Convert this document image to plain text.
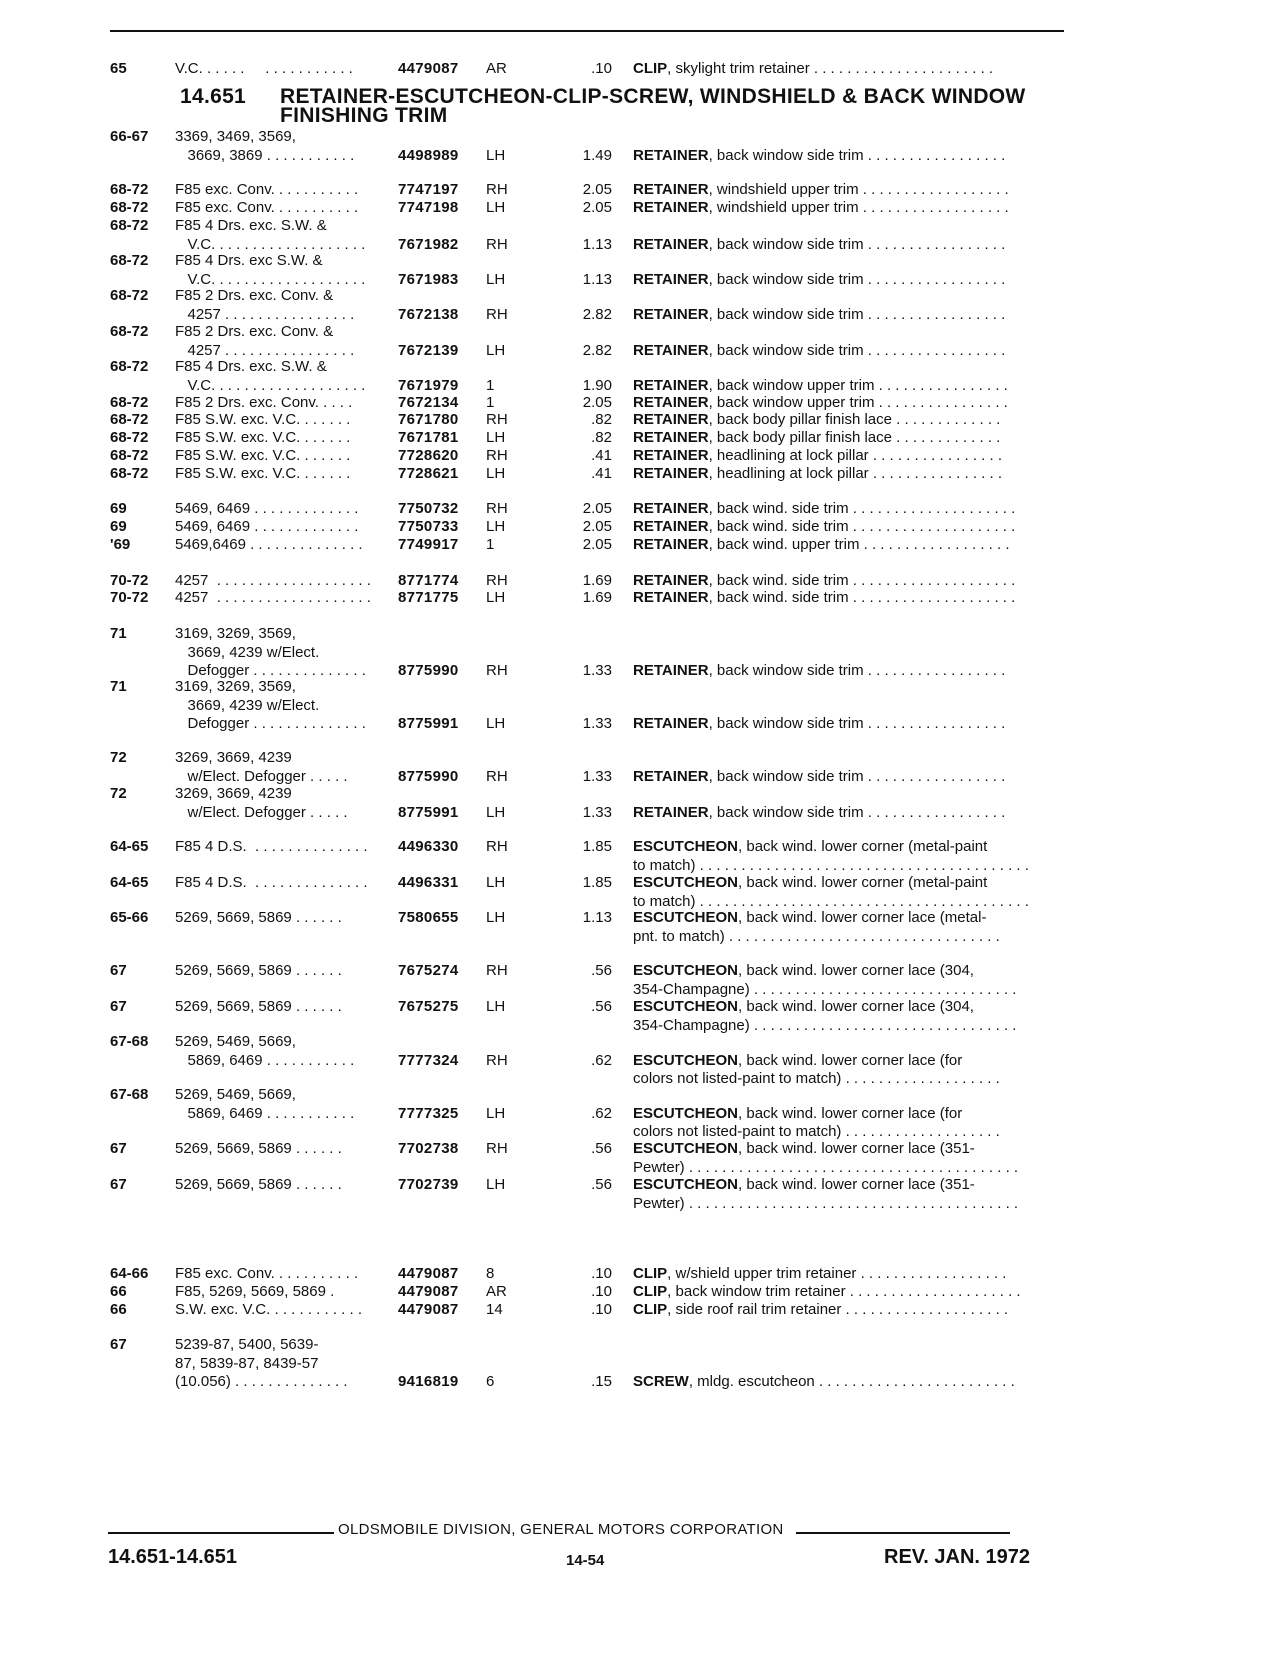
14.651 RETAINER-ESCUTCHEON-CLIP-SCREW, WINDSHIELD & BACK WINDOW
FINISHING TRIM
65	V.C. . . . . .     . . . . . . . . . . .	4479087 AR	.10 CLIP, skylight trim retainer . . . . . . . . . . . . . . . . . . . . . .
66-67 3369, 3469, 3569,
3669, 3869 . . . . . . . . . . .	4498989 LH	1.49 RETAINER, back window side trim . . . . . . . . . . . . . . . . .
68-72 F85 exc. Conv. . . . . . . . . . .	7747197 RH	2.05 RETAINER, windshield upper trim . . . . . . . . . . . . . . . . . .
68-72 F85 exc. Conv. . . . . . . . . . .	7747198 LH	2.05 RETAINER, windshield upper trim . . . . . . . . . . . . . . . . . .
68-72 F85 4 Drs. exc. S.W. &
V.C. . . . . . . . . . . . . . . . . . . 7671982 RH	1.13 RETAINER, back window side trim . . . . . . . . . . . . . . . . .
68-72 F85 4 Drs. exc S.W. &
V.C. . . . . . . . . . . . . . . . . . . 7671983 LH	1.13 RETAINER, back window side trim . . . . . . . . . . . . . . . . .
68-72 F85 2 Drs. exc. Conv. &
4257 . . . . . . . . . . . . . . . .	7672138 RH	2.82 RETAINER, back window side trim . . . . . . . . . . . . . . . . .
68-72 F85 2 Drs. exc. Conv. &
4257 . . . . . . . . . . . . . . . .	7672139 LH	2.82 RETAINER, back window side trim . . . . . . . . . . . . . . . . .
68-72 F85 4 Drs. exc. S.W. &
V.C. . . . . . . . . . . . . . . . . . . 7671979 1	1.90 RETAINER, back window upper trim . . . . . . . . . . . . . . . .
68-72 F85 2 Drs. exc. Conv. . . . .	7672134 1	2.05 RETAINER, back window upper trim . . . . . . . . . . . . . . . .
68-72 F85 S.W. exc. V.C. . . . . . .	7671780 RH	.82 RETAINER, back body pillar finish lace . . . . . . . . . . . . .
68-72 F85 S.W. exc. V.C. . . . . . .	7671781 LH	.82 RETAINER, back body pillar finish lace . . . . . . . . . . . . .
68-72 F85 S.W. exc. V.C. . . . . . .	7728620 RH	.41 RETAINER, headlining at lock pillar . . . . . . . . . . . . . . . .
68-72 F85 S.W. exc. V.C. . . . . . .	7728621 LH	.41 RETAINER, headlining at lock pillar . . . . . . . . . . . . . . . .
69	5469, 6469 . . . . . . . . . . . . .	7750732 RH	2.05 RETAINER, back wind. side trim . . . . . . . . . . . . . . . . . . . .
69	5469, 6469 . . . . . . . . . . . . .	7750733 LH	2.05 RETAINER, back wind. side trim . . . . . . . . . . . . . . . . . . . .
'69	5469,6469 . . . . . . . . . . . . . . 7749917 1	2.05 RETAINER, back wind. upper trim . . . . . . . . . . . . . . . . . .
70-72 4257  . . . . . . . . . . . . . . . . . . . 8771774 RH	1.69 RETAINER, back wind. side trim . . . . . . . . . . . . . . . . . . . .
70-72 4257  . . . . . . . . . . . . . . . . . . . 8771775 LH	1.69 RETAINER, back wind. side trim . . . . . . . . . . . . . . . . . . . .
71	3169, 3269, 3569,
3669, 4239 w/Elect.
Defogger . . . . . . . . . . . . . . 8775990 RH	1.33 RETAINER, back window side trim . . . . . . . . . . . . . . . . .
71	3169, 3269, 3569,
3669, 4239 w/Elect.
Defogger . . . . . . . . . . . . . . 8775991 LH	1.33 RETAINER, back window side trim . . . . . . . . . . . . . . . . .
72	3269, 3669, 4239
w/Elect. Defogger . . . . .	8775990 RH	1.33 RETAINER, back window side trim . . . . . . . . . . . . . . . . .
72	3269, 3669, 4239
w/Elect. Defogger . . . . .	8775991 LH	1.33 RETAINER, back window side trim . . . . . . . . . . . . . . . . .
64-65 F85 4 D.S.  . . . . . . . . . . . . . . 4496330 RH	1.85 ESCUTCHEON, back wind. lower corner (metal-paint
to match) . . . . . . . . . . . . . . . . . . . . . . . . . . . . . . . . . . . . . . . .
64-65 F85 4 D.S.  . . . . . . . . . . . . . . 4496331 LH	1.85 ESCUTCHEON, back wind. lower corner (metal-paint
to match) . . . . . . . . . . . . . . . . . . . . . . . . . . . . . . . . . . . . . . . .
65-66 5269, 5669, 5869 . . . . . .	7580655 LH	1.13 ESCUTCHEON, back wind. lower corner lace (metal-
pnt. to match) . . . . . . . . . . . . . . . . . . . . . . . . . . . . . . . . .
67	5269, 5669, 5869 . . . . . .	7675274 RH	.56 ESCUTCHEON, back wind. lower corner lace (304,
354-Champagne) . . . . . . . . . . . . . . . . . . . . . . . . . . . . . . . .
67	5269, 5669, 5869 . . . . . .	7675275 LH	.56 ESCUTCHEON, back wind. lower corner lace (304,
354-Champagne) . . . . . . . . . . . . . . . . . . . . . . . . . . . . . . . .
67-68 5269, 5469, 5669,
5869, 6469 . . . . . . . . . . .	7777324 RH	.62 ESCUTCHEON, back wind. lower corner lace (for
colors not listed-paint to match) . . . . . . . . . . . . . . . . . . .
67-68 5269, 5469, 5669,
5869, 6469 . . . . . . . . . . .	7777325 LH	.62 ESCUTCHEON, back wind. lower corner lace (for
colors not listed-paint to match) . . . . . . . . . . . . . . . . . . .
67	5269, 5669, 5869 . . . . . .	7702738 RH	.56 ESCUTCHEON, back wind. lower corner lace (351-
Pewter) . . . . . . . . . . . . . . . . . . . . . . . . . . . . . . . . . . . . . . . .
67	5269, 5669, 5869 . . . . . .	7702739 LH	.56 ESCUTCHEON, back wind. lower corner lace (351-
Pewter) . . . . . . . . . . . . . . . . . . . . . . . . . . . . . . . . . . . . . . . .
64-66 F85 exc. Conv. . . . . . . . . . .	4479087 8	.10 CLIP, w/shield upper trim retainer . . . . . . . . . . . . . . . . . .
66	F85, 5269, 5669, 5869 .	4479087 AR	.10 CLIP, back window trim retainer . . . . . . . . . . . . . . . . . . . . .
66	S.W. exc. V.C. . . . . . . . . . . . 4479087 14	.10 CLIP, side roof rail trim retainer . . . . . . . . . . . . . . . . . . . .
67	5239-87, 5400, 5639-
87, 5839-87, 8439-57
(10.056) . . . . . . . . . . . . . .	9416819 6	.15 SCREW, mldg. escutcheon . . . . . . . . . . . . . . . . . . . . . . . .
OLDSMOBILE DIVISION, GENERAL MOTORS CORPORATION
14.651-14.651	14-54	REV. JAN. 1972
